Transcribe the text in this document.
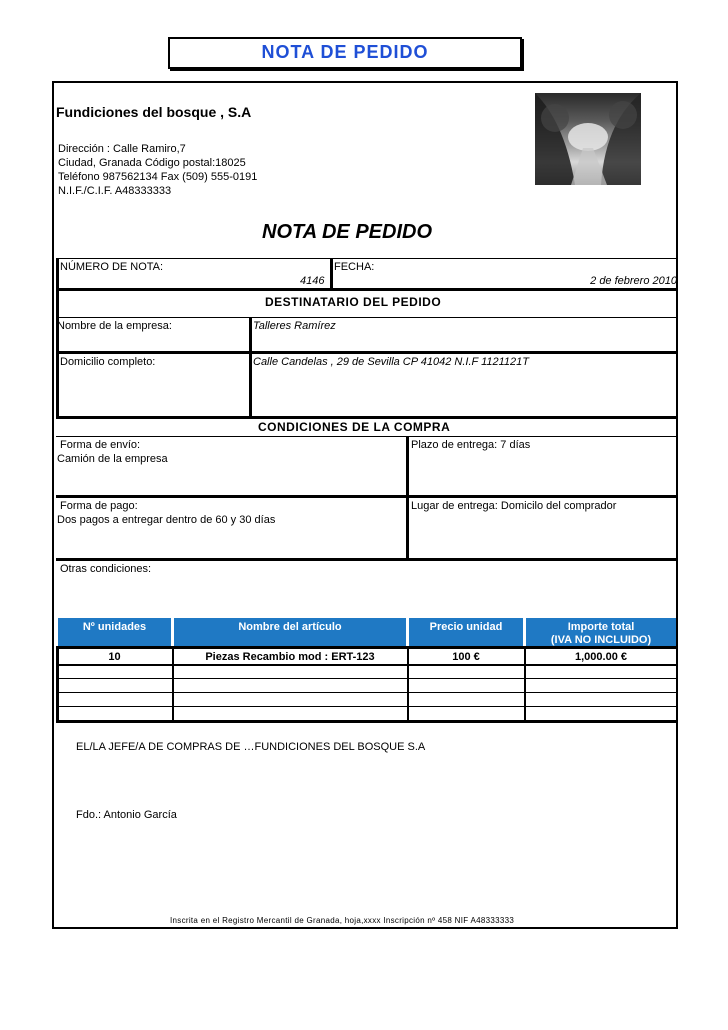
NOTA DE PEDIDO
Fundiciones del bosque , S.A
Dirección : Calle Ramiro,7
Ciudad, Granada Código postal:18025
Teléfono 987562134 Fax (509) 555-0191
N.I.F./C.I.F. A48333333
NOTA DE PEDIDO
NÚMERO DE NOTA:
4146
FECHA:
2 de febrero 2010
DESTINATARIO DEL PEDIDO
Nombre de la empresa:	Talleres Ramírez
Domicilio completo:	Calle Candelas , 29 de Sevilla CP 41042 N.I.F 1121121T
CONDICIONES DE LA COMPRA
Forma de envío:
Camión de la empresa
Plazo de entrega: 7 días
Forma de pago:
Dos pagos a entregar dentro de 60 y 30 días
Lugar de entrega: Domicilo del comprador
Otras condiciones:
Nº unidades	Nombre del artículo	Precio unidad	Importe total
(IVA NO INCLUIDO)
10	Piezas Recambio mod : ERT-123	100 €	1,000.00 €
EL/LA JEFE/A DE COMPRAS DE …FUNDICIONES DEL BOSQUE S.A
Fdo.: Antonio García
Inscrita en el Registro Mercantil de Granada, hoja,xxxx Inscripción nº 458 NIF A48333333
